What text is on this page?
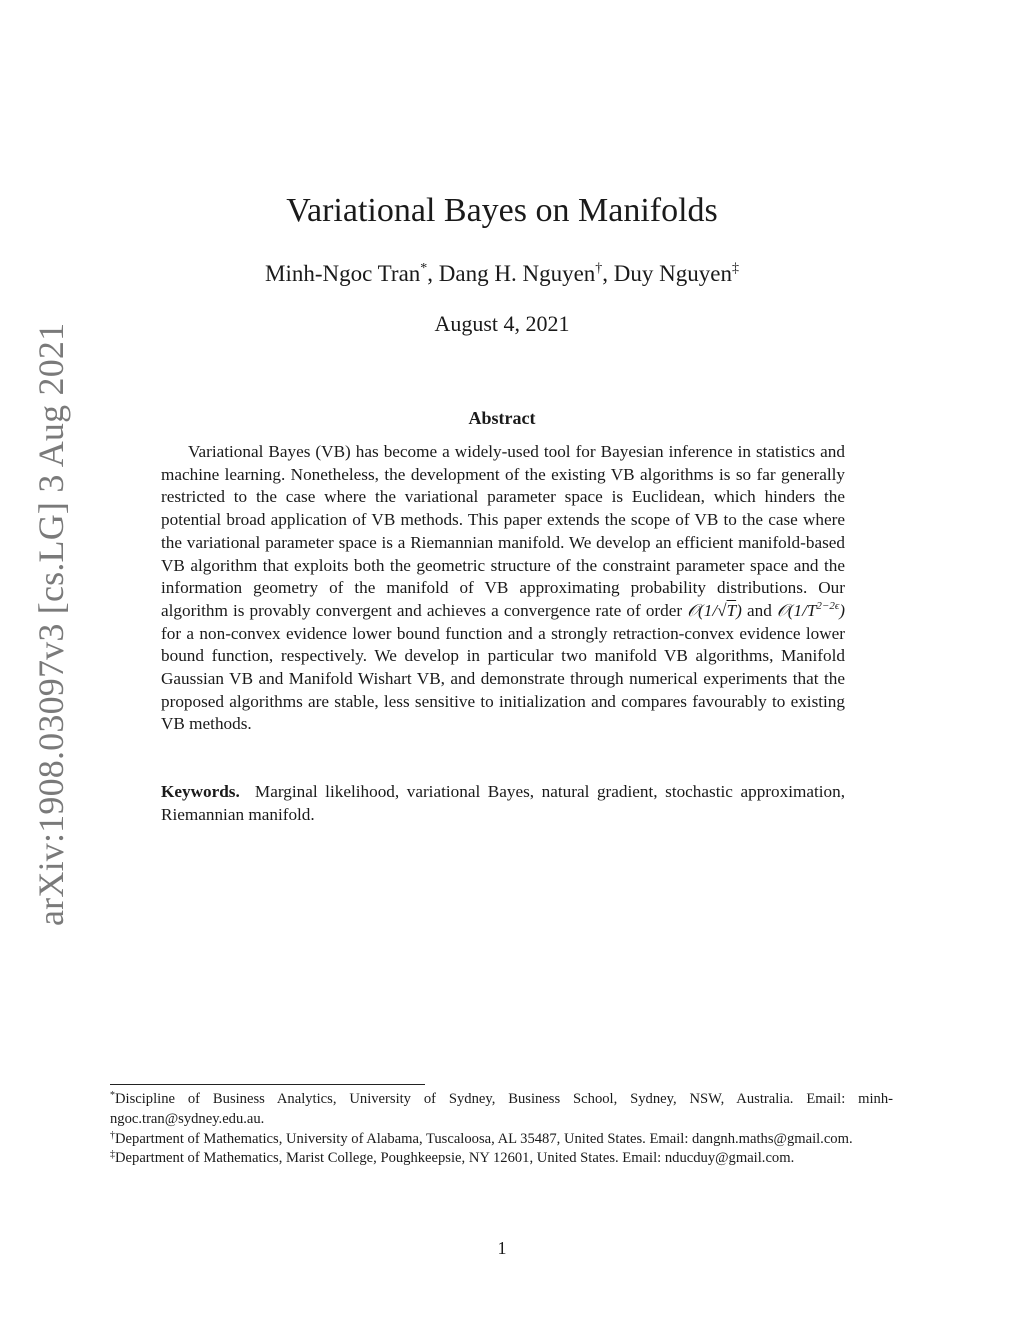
arXiv:1908.03097v3 [cs.LG] 3 Aug 2021
Variational Bayes on Manifolds
Minh-Ngoc Tran*, Dang H. Nguyen†, Duy Nguyen‡
August 4, 2021
Abstract

Variational Bayes (VB) has become a widely-used tool for Bayesian inference in statistics and machine learning. Nonetheless, the development of the existing VB algorithms is so far generally restricted to the case where the variational parameter space is Euclidean, which hinders the potential broad application of VB methods. This paper extends the scope of VB to the case where the variational parameter space is a Riemannian manifold. We develop an efficient manifold-based VB algorithm that exploits both the geometric structure of the constraint parameter space and the information geometry of the manifold of VB approximating probability distributions. Our algorithm is provably convergent and achieves a convergence rate of order 𝒪(1/√T) and $𝒪(1/T^{2-2\epsilon})$ for a non-convex evidence lower bound function and a strongly retraction-convex evidence lower bound function, respectively. We develop in particular two manifold VB algorithms, Manifold Gaussian VB and Manifold Wishart VB, and demonstrate through numerical experiments that the proposed algorithms are stable, less sensitive to initialization and compares favourably to existing VB methods.

Keywords. Marginal likelihood, variational Bayes, natural gradient, stochastic approximation, Riemannian manifold.

*Discipline of Business Analytics, University of Sydney, Business School, Sydney, NSW, Australia. Email: minh-ngoc.tran@sydney.edu.au.

†Department of Mathematics, University of Alabama, Tuscaloosa, AL 35487, United States. Email: dangnh.maths@gmail.com.

‡Department of Mathematics, Marist College, Poughkeepsie, NY 12601, United States. Email: nducduy@gmail.com.

1
